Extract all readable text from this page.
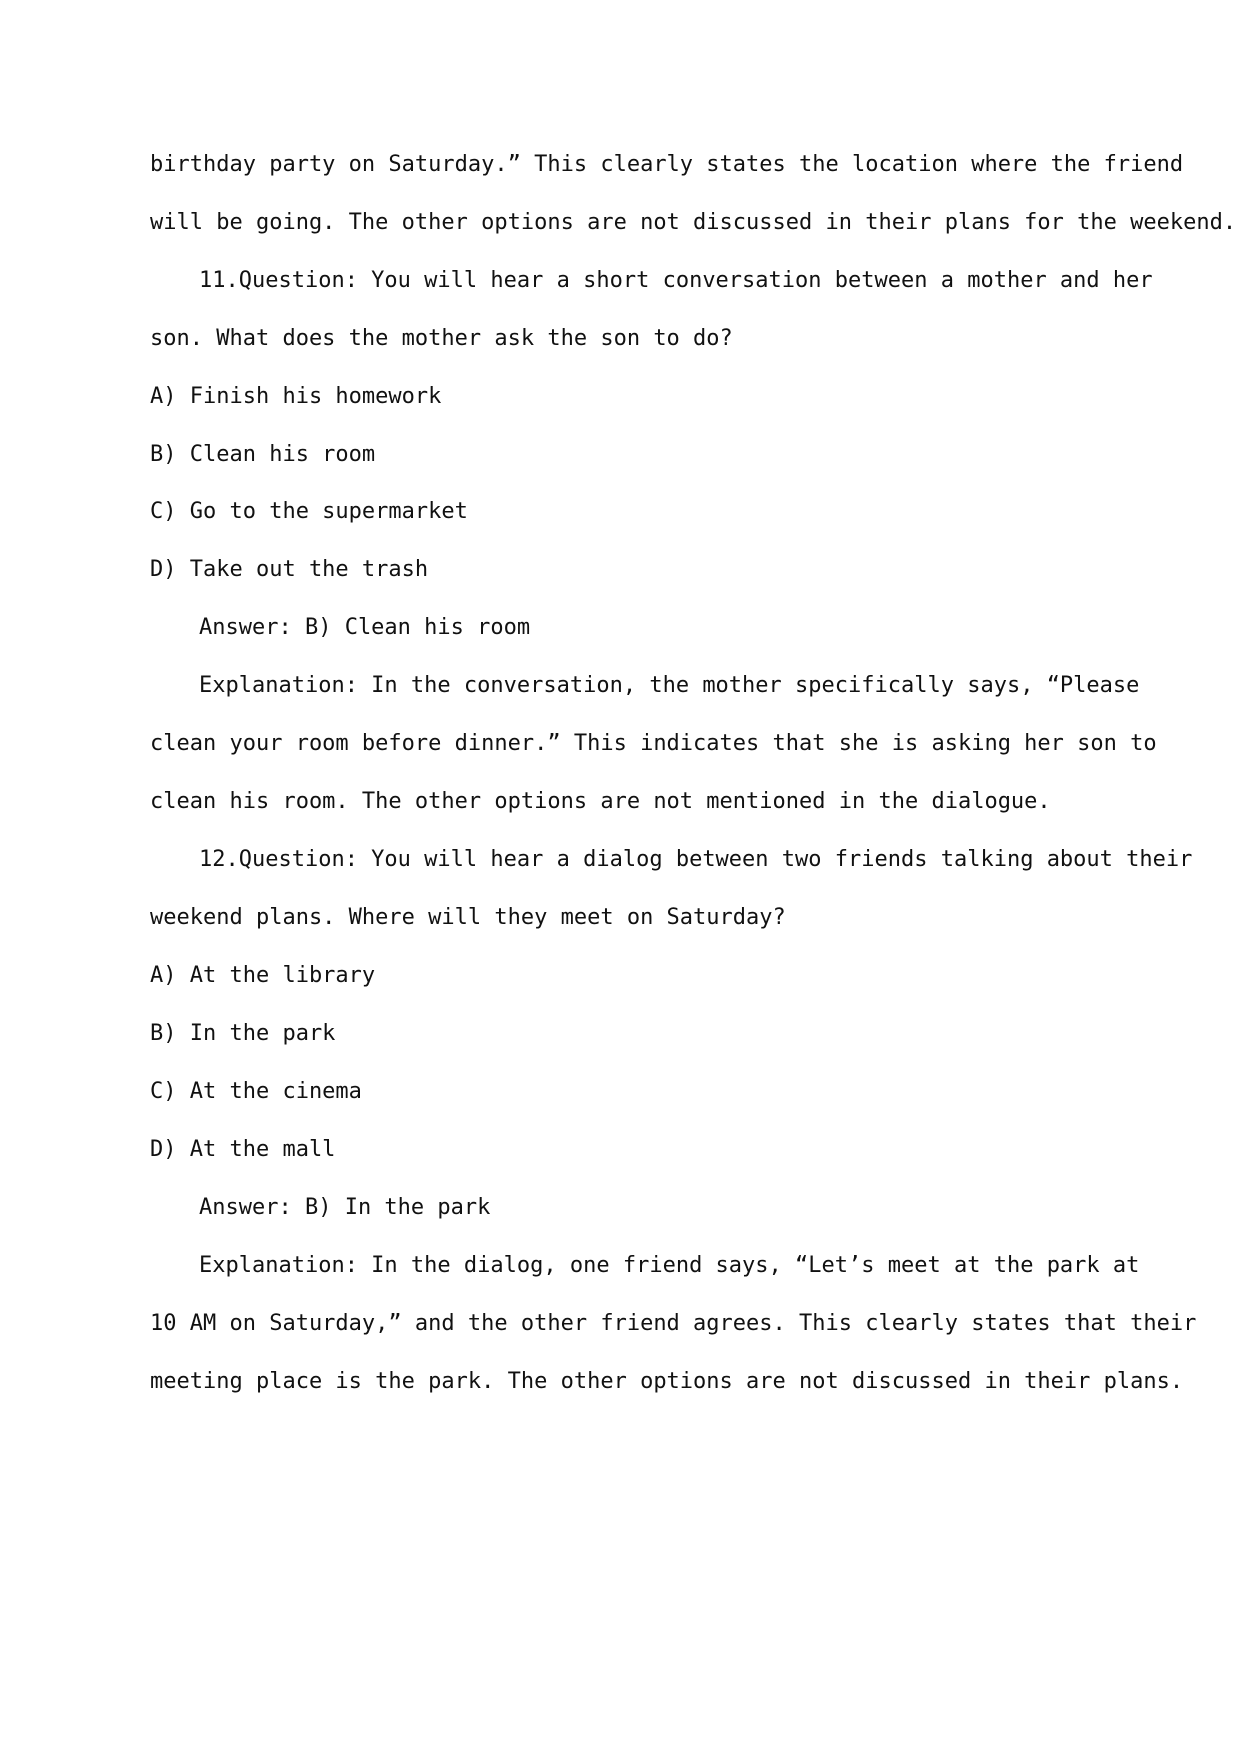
birthday party on Saturday.” This clearly states the location where the friend
will be going. The other options are not discussed in their plans for the weekend.
11.Question: You will hear a short conversation between a mother and her
son. What does the mother ask the son to do?
A) Finish his homework
B) Clean his room
C) Go to the supermarket
D) Take out the trash
Answer: B) Clean his room
Explanation: In the conversation, the mother specifically says, “Please
clean your room before dinner.” This indicates that she is asking her son to
clean his room. The other options are not mentioned in the dialogue.
12.Question: You will hear a dialog between two friends talking about their
weekend plans. Where will they meet on Saturday?
A) At the library
B) In the park
C) At the cinema
D) At the mall
Answer: B) In the park
Explanation: In the dialog, one friend says, “Let’s meet at the park at
10 AM on Saturday,” and the other friend agrees. This clearly states that their
meeting place is the park. The other options are not discussed in their plans.
